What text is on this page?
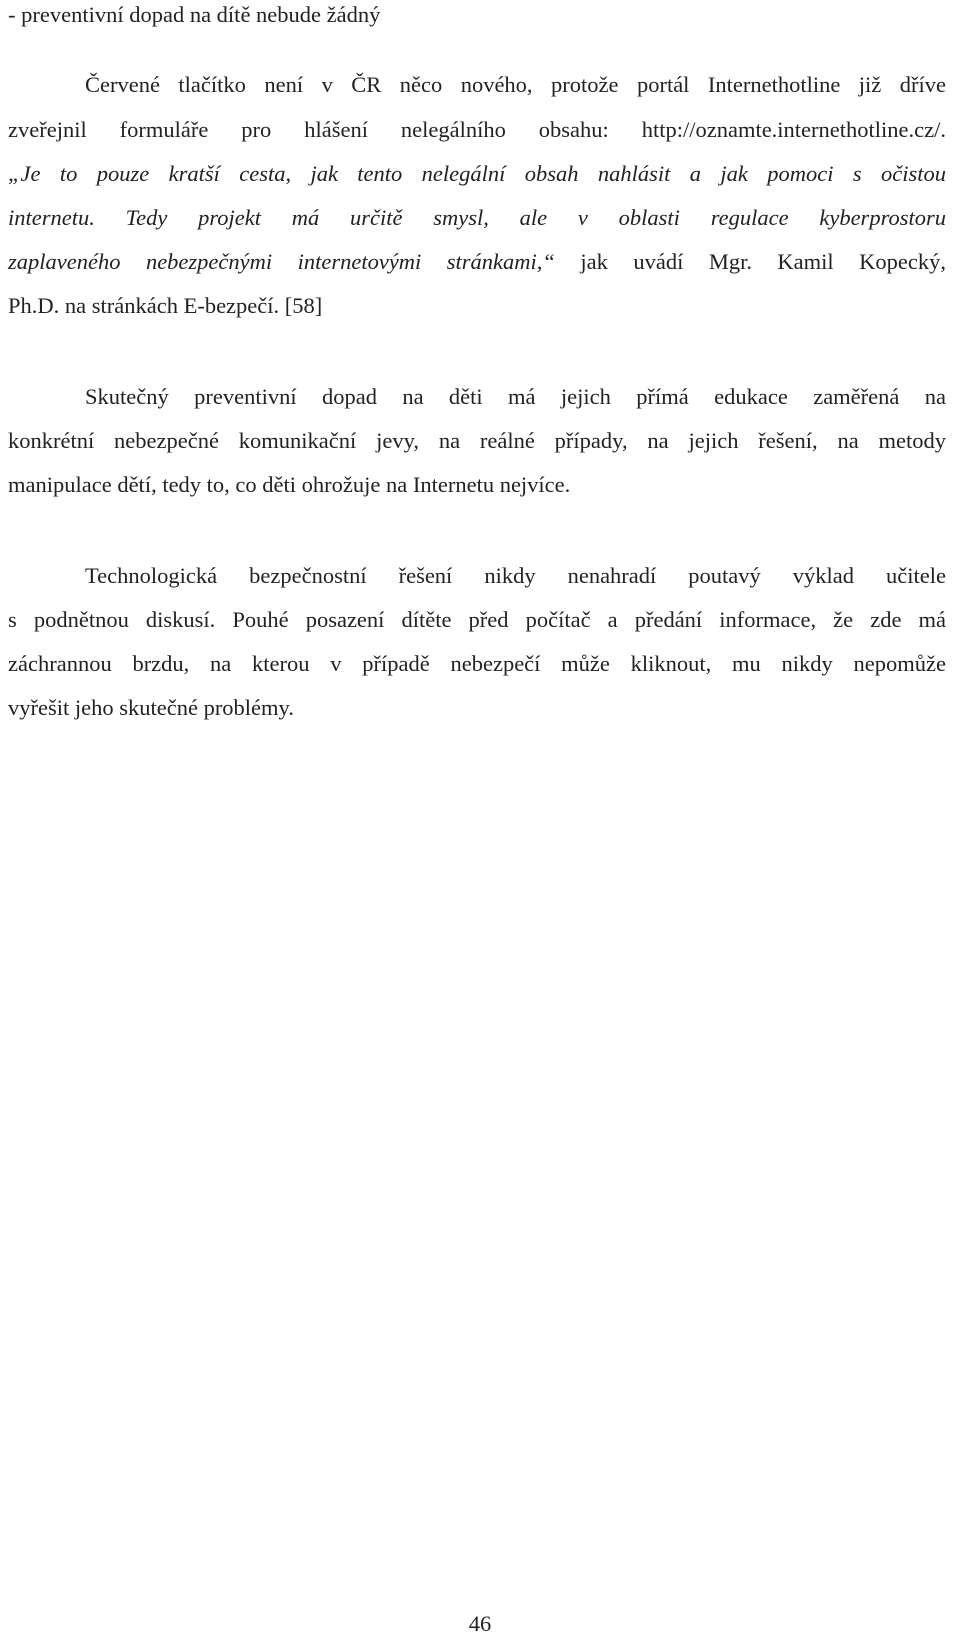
- preventivní dopad na dítě nebude žádný

Červené tlačítko není v ČR něco nového, protože portál Internethotline již dříve

zveřejnil formuláře pro hlášení nelegálního obsahu: http://oznamte.internethotline.cz/.

„Je to pouze kratší cesta, jak tento nelegální obsah nahlásit a jak pomoci s očistou

internetu. Tedy projekt má určitě smysl, ale v oblasti regulace kyberprostoru

zaplaveného nebezpečnými internetovými stránkami,“ jak uvádí Mgr. Kamil Kopecký,

Ph.D. na stránkách E-bezpečí. [58]

Skutečný preventivní dopad na děti má jejich přímá edukace zaměřená na

konkrétní nebezpečné komunikační jevy, na reálné případy, na jejich řešení, na metody

manipulace dětí, tedy to, co děti ohrožuje na Internetu nejvíce.

Technologická bezpečnostní řešení nikdy nenahradí poutavý výklad učitele

s podnětnou diskusí. Pouhé posazení dítěte před počítač a předání informace, že zde má

záchrannou brzdu, na kterou v případě nebezpečí může kliknout, mu nikdy nepomůže

vyřešit jeho skutečné problémy.

46
